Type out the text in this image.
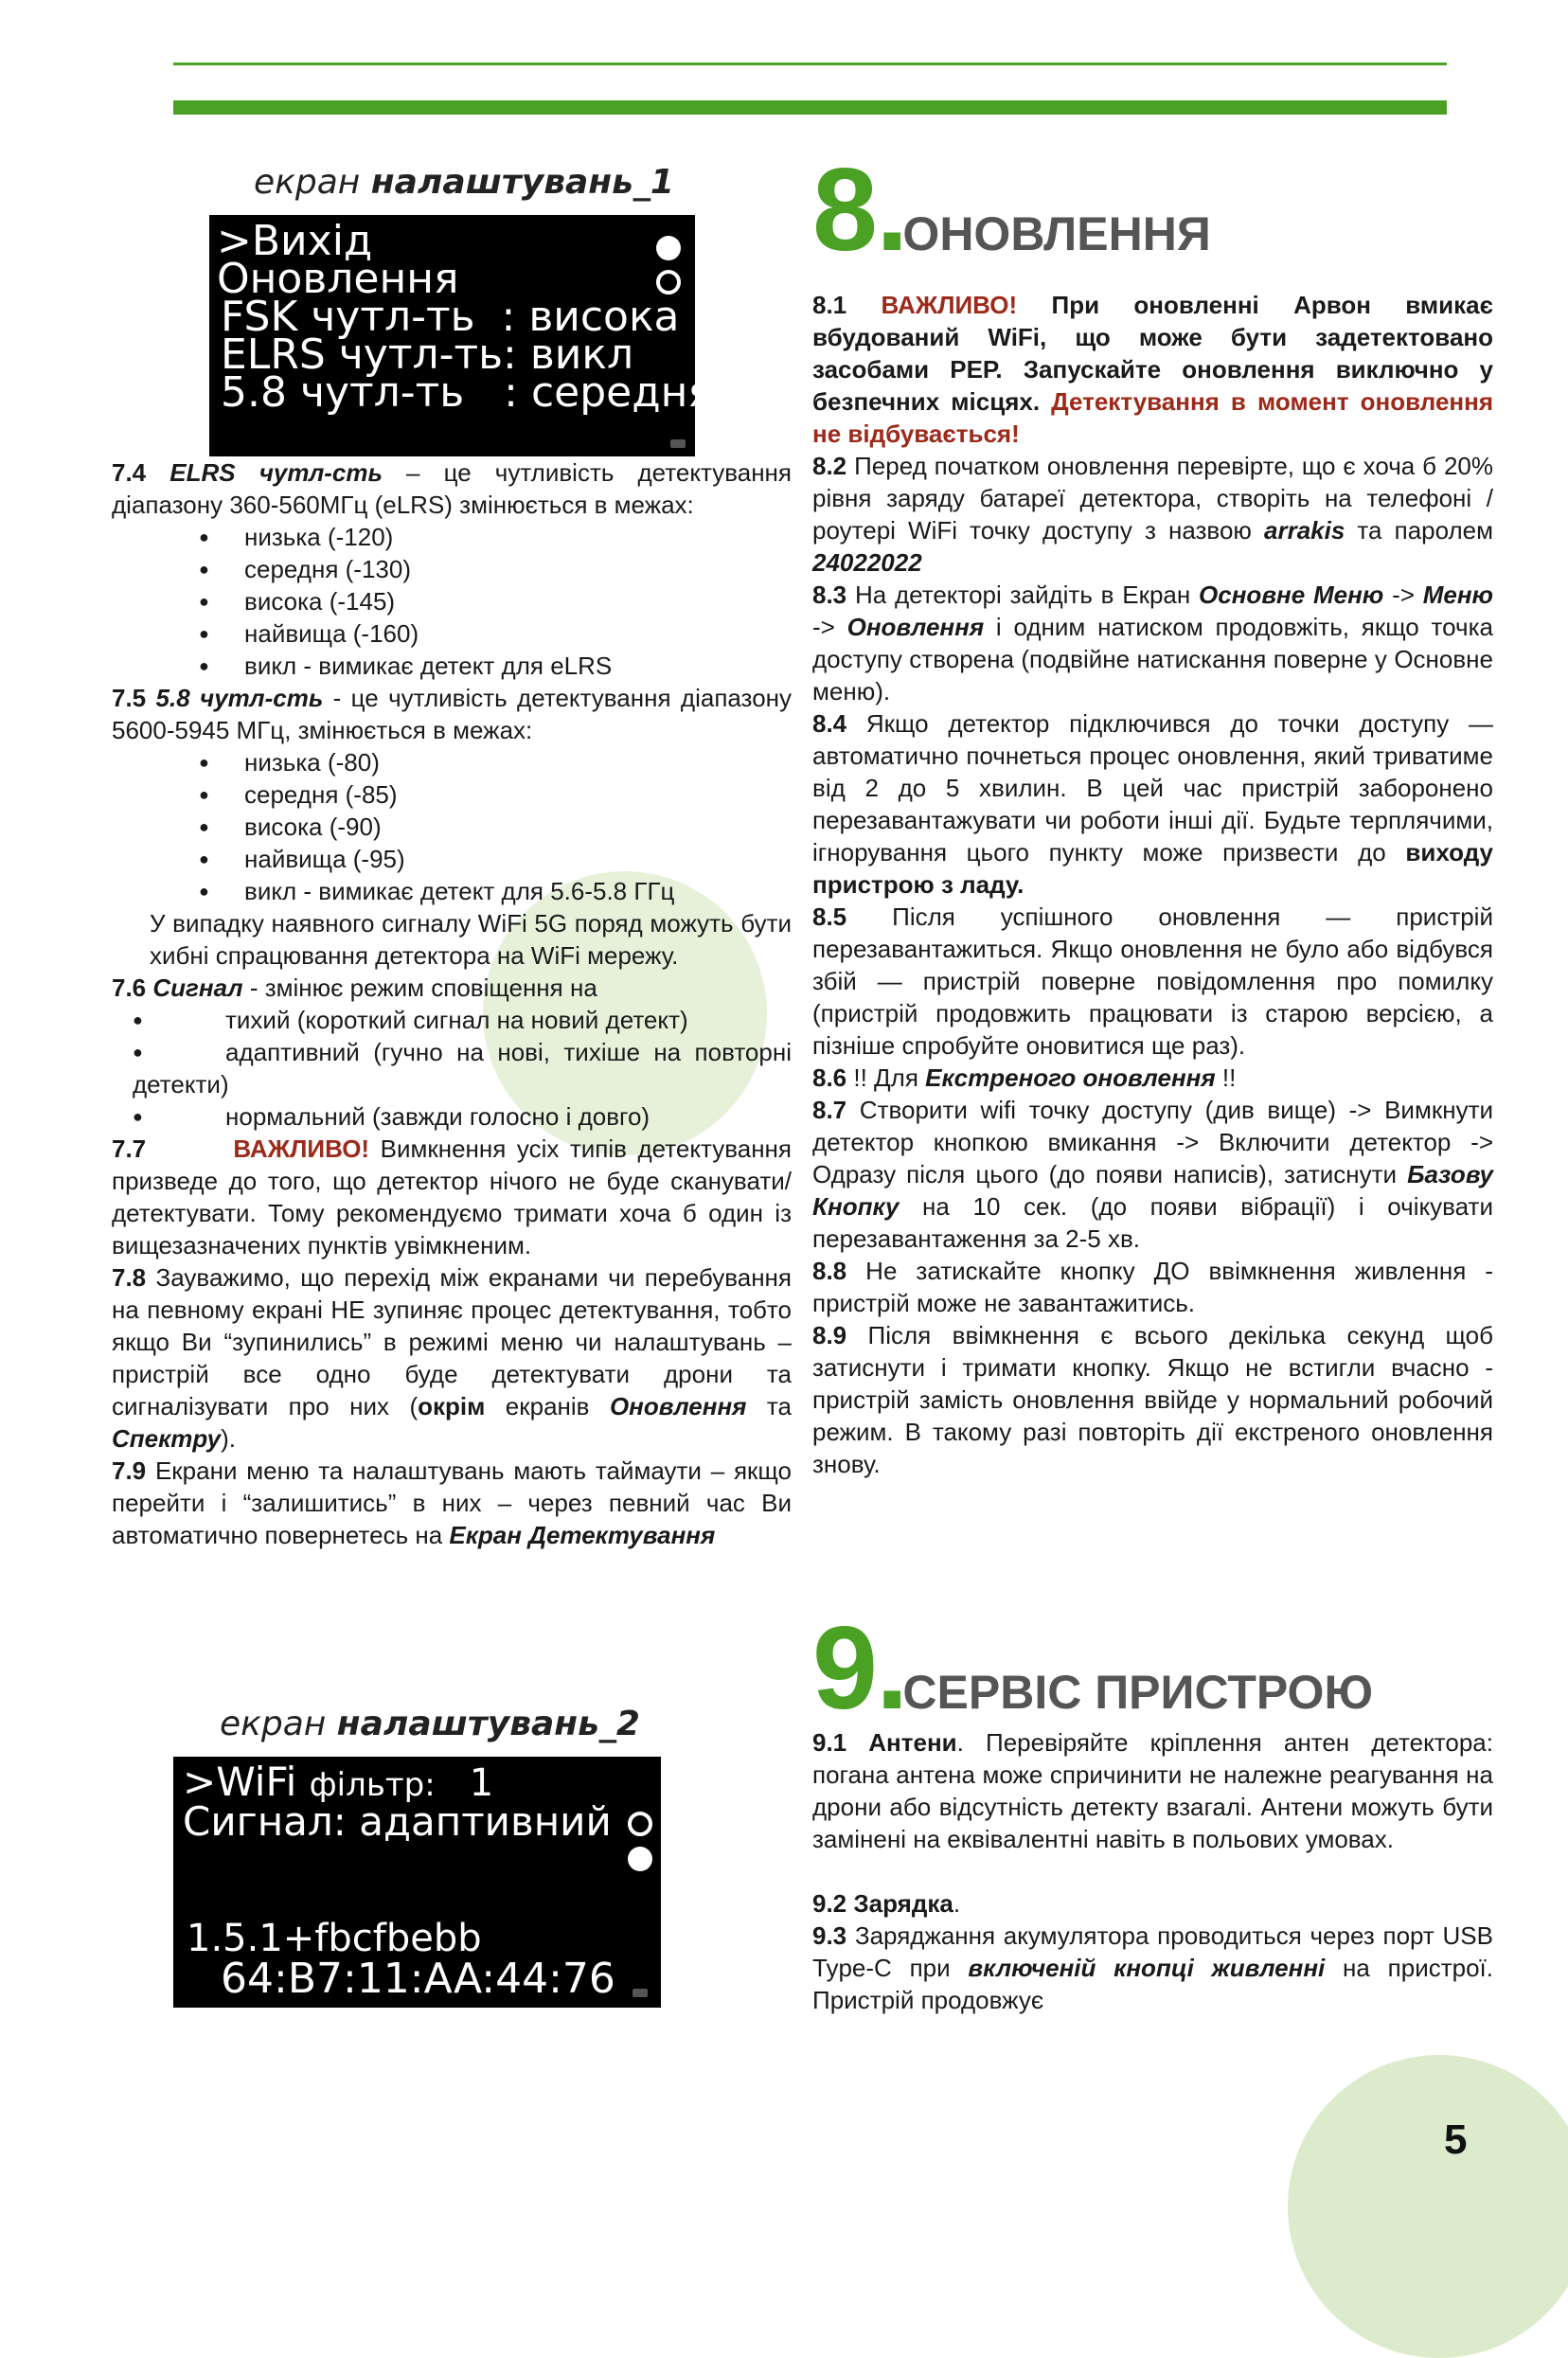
екран налаштувань_1
>Вихід
Оновлення
FSK чутл-ть  : висока
ELRS чутл-ть: викл
5.8 чутл-ть   : середня

7.4 ELRS чутл-сть – це чутливість детектування діапазону 360-560МГц (eLRS) змінюється в межах:

● низька (-120)
● середня (-130)
● висока (-145)
● найвища (-160)
● викл - вимикає детект для eLRS

7.5 5.8 чутл-сть - це чутливість детектування діапазону 5600-5945 МГц, змінюється в межах:

● низька (-80)
● середня (-85)
● висока (-90)
● найвища (-95)
● викл - вимикає детект для 5.6-5.8 ГГц

У випадку наявного сигналу WiFi 5G поряд можуть бути хибні спрацювання детектора на WiFi мережу.

7.6 Сигнал - змінює режим сповіщення на

● тихий (короткий сигнал на новий детект)
● адаптивний (гучно на нові, тихіше на повторні детекти)
● нормальний (завжди голосно і довго)

7.7	ВАЖЛИВО! Вимкнення усіх типів детектування призведе до того, що детектор нічого не буде сканувати/детектувати. Тому рекомендуємо тримати хоча б один із вищезазначених пунктів увімкненим.

7.8 Зауважимо, що перехід між екранами чи перебування на певному екрані НЕ зупиняє процес детектування, тобто якщо Ви “зупинились” в режимі меню чи налаштувань – пристрій все одно буде детектувати дрони та сигналізувати про них (окрім екранів Оновлення та Спектру).

7.9 Екрани меню та налаштувань мають таймаути – якщо перейти і “залишитись” в них – через певний час Ви автоматично повернетесь на Екран Детектування

екран налаштувань_2
>WiFi фільтр: 1
Сигнал: адаптивний
1.5.1+fbcfbebb
64:B7:11:AA:44:76
8.ОНОВЛЕННЯ

8.1 ВАЖЛИВО! При оновленні Арвон вмикає вбудований WiFi, що може бути задетектовано засобами РЕР. Запускайте оновлення виключно у безпечних місцях. Детектування в момент оновлення не відбувається!

8.2 Перед початком оновлення перевірте, що є хоча б 20% рівня заряду батареї детектора, створіть на телефоні / роутері WiFi точку доступу з назвою arrakis та паролем 24022022

8.3 На детекторі зайдіть в Екран Основне Меню -> Меню -> Оновлення і одним натиском продовжіть, якщо точка доступу створена (подвійне натискання поверне у Основне меню).

8.4 Якщо детектор підключився до точки доступу — автоматично почнеться процес оновлення, який триватиме від 2 до 5 хвилин. В цей час пристрій заборонено перезавантажувати чи роботи інші дії. Будьте терплячими, ігнорування цього пункту може призвести до виходу пристрою з ладу.

8.5 Після успішного оновлення — пристрій перезавантажиться. Якщо оновлення не було або відбувся збій — пристрій поверне повідомлення про помилку (пристрій продовжить працювати із старою версією, а пізніше спробуйте оновитися ще раз).

8.6 !! Для Екстреного оновлення !!

8.7 Створити wifi точку доступу (див вище) -> Вимкнути детектор кнопкою вмикання -> Включити детектор -> Одразу після цього (до появи написів), затиснути Базову Кнопку на 10 сек. (до появи вібрації) і очікувати перезавантаження за 2-5 хв.

8.8 Не затискайте кнопку ДО ввімкнення живлення - пристрій може не завантажитись.

8.9 Після ввімкнення є всього декілька секунд щоб затиснути і тримати кнопку. Якщо не встигли вчасно - пристрій замість оновлення ввійде у нормальний робочий режим. В такому разі повторіть дії екстреного оновлення знову.

9.СЕРВІС ПРИСТРОЮ

9.1 Антени. Перевіряйте кріплення антен детектора: погана антена може спричинити не належне реагування на дрони або відсутність детекту взагалі. Антени можуть бути замінені на еквівалентні навіть в польових умовах.

9.2 Зарядка.

9.3 Заряджання акумулятора проводиться через порт USB Type-C при включеній кнопці живленні на пристрої. Пристрій продовжує

5
